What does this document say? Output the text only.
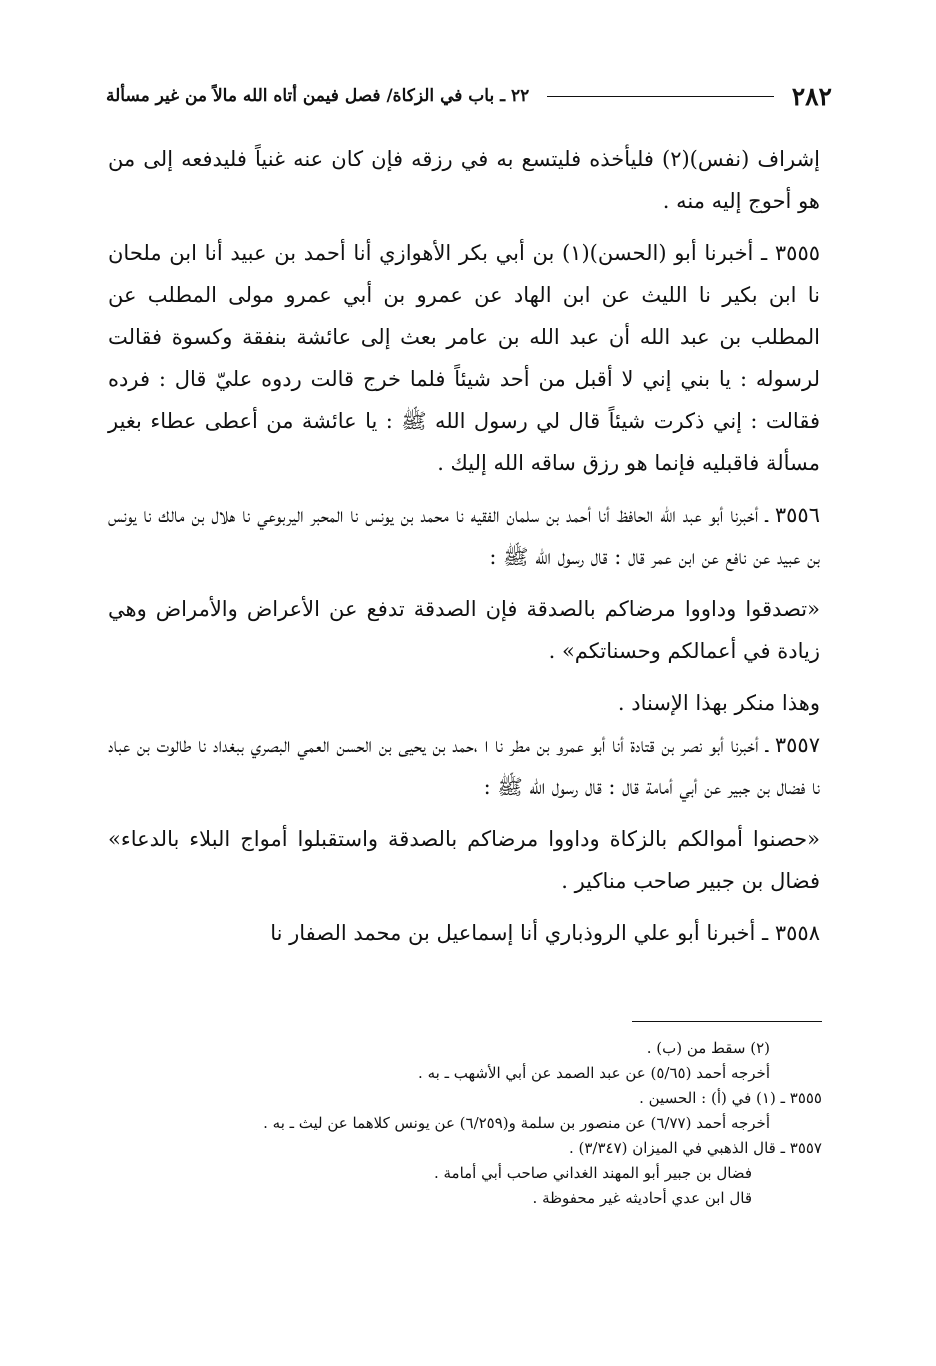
٢٨٢
٢٢ ـ باب في الزكاة/ فصل فيمن أتاه الله مالاً من غير مسألة

إشراف (نفس)(٢) فليأخذه فليتسع به في رزقه فإن كان عنه غنياً فليدفعه إلى من هو أحوج إليه منه .

٣٥٥٥ ـ أخبرنا أبو (الحسن)(١) بن أبي بكر الأهوازي أنا أحمد بن عبيد أنا ابن ملحان نا ابن بكير نا الليث عن ابن الهاد عن عمرو بن أبي عمرو مولى المطلب عن المطلب بن عبد الله أن عبد الله بن عامر بعث إلى عائشة بنفقة وكسوة فقالت لرسوله : يا بني إني لا أقبل من أحد شيئاً فلما خرج قالت ردوه عليّ قال : فرده فقالت : إني ذكرت شيئاً قال لي رسول الله ﷺ : يا عائشة من أعطى عطاء بغير مسألة فاقبليه فإنما هو رزق ساقه الله إليك .

٣٥٥٦ ـ أخبرنا أبو عبد الله الحافظ أنا أحمد بن سلمان الفقيه نا محمد بن يونس نا المحبر اليربوعي نا هلال بن مالك نا يونس بن عبيد عن نافع عن ابن عمر قال : قال رسول الله ﷺ :

«تصدقوا وداووا مرضاكم بالصدقة فإن الصدقة تدفع عن الأعراض والأمراض وهي زيادة في أعمالكم وحسناتكم» .

وهذا منكر بهذا الإسناد .

٣٥٥٧ ـ أخبرنا أبو نصر بن قتادة أنا أبو عمرو بن مطر نا ا ،حمد بن يحيى بن الحسن العمي البصري ببغداد نا طالوت بن عباد نا فضال بن جبير عن أبي أمامة قال : قال رسول الله ﷺ :

«حصنوا أموالكم بالزكاة وداووا مرضاكم بالصدقة واستقبلوا أمواج البلاء بالدعاء» فضال بن جبير صاحب مناكير .

٣٥٥٨ ـ أخبرنا أبو علي الروذباري أنا إسماعيل بن محمد الصفار نا

(٢) سقط من (ب) .

أخرجه أحمد (٥/٦٥) عن عبد الصمد عن أبي الأشهب ـ به .

٣٥٥٥ ـ (١) في (أ) : الحسين .

أخرجه أحمد (٦/٧٧) عن منصور بن سلمة و(٦/٢٥٩) عن يونس كلاهما عن ليث ـ به .

٣٥٥٧ ـ قال الذهبي في الميزان (٣/٣٤٧) .

فضال بن جبير أبو المهند الغداني صاحب أبي أمامة .

قال ابن عدي أحاديثه غير محفوظة .
